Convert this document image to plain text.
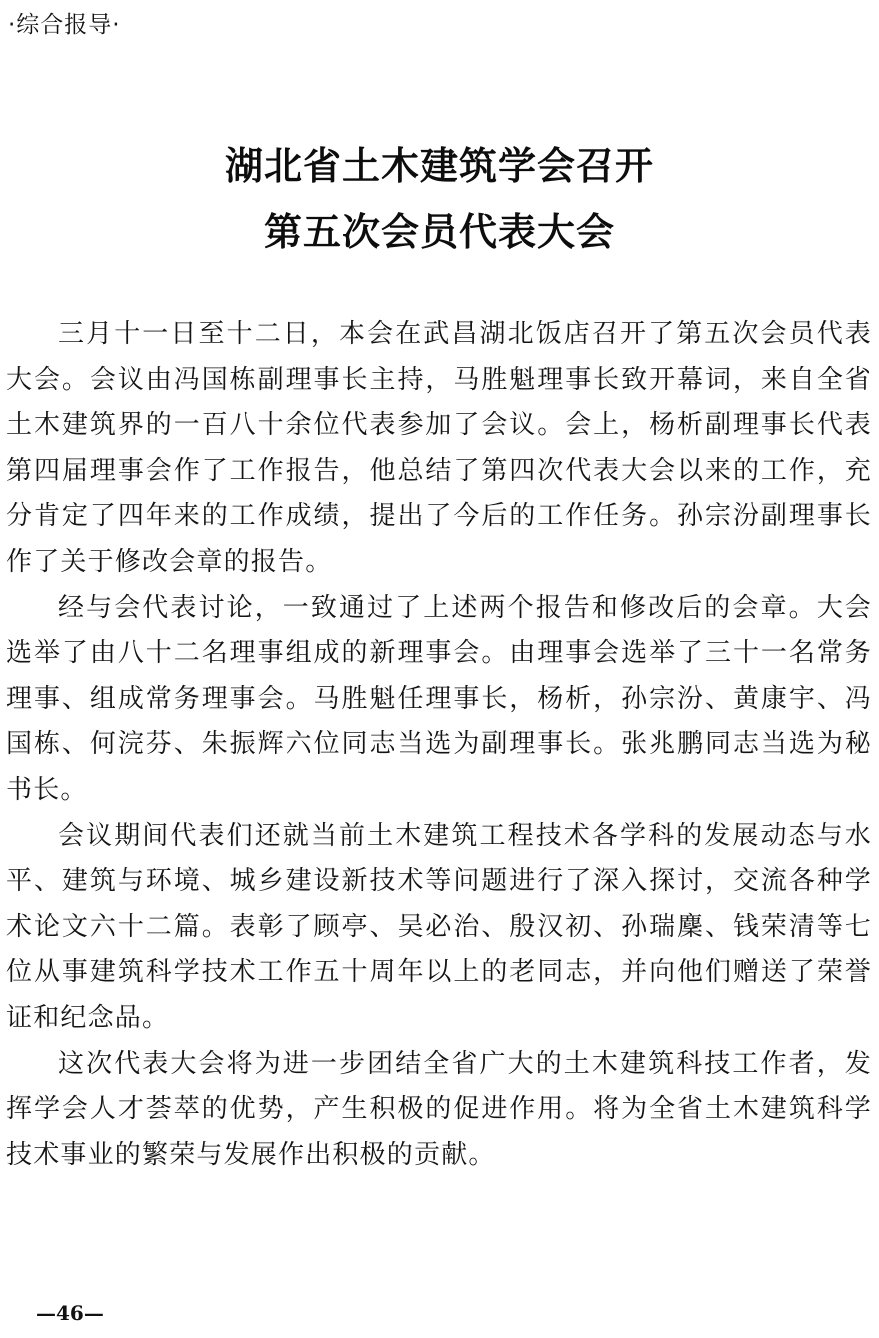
·综合报导·
湖北省土木建筑学会召开
第五次会员代表大会

三月十一日至十二日，本会在武昌湖北饭店召开了第五次会员代表大会。会议由冯国栋副理事长主持，马胜魁理事长致开幕词，来自全省土木建筑界的一百八十余位代表参加了会议。会上，杨析副理事长代表第四届理事会作了工作报告，他总结了第四次代表大会以来的工作，充分肯定了四年来的工作成绩，提出了今后的工作任务。孙宗汾副理事长作了关于修改会章的报告。

经与会代表讨论，一致通过了上述两个报告和修改后的会章。大会选举了由八十二名理事组成的新理事会。由理事会选举了三十一名常务理事、组成常务理事会。马胜魁任理事长，杨析，孙宗汾、黄康宇、冯国栋、何浣芬、朱振辉六位同志当选为副理事长。张兆鹏同志当选为秘书长。

会议期间代表们还就当前土木建筑工程技术各学科的发展动态与水平、建筑与环境、城乡建设新技术等问题进行了深入探讨，交流各种学术论文六十二篇。表彰了顾亭、吴必治、殷汉初、孙瑞麇、钱荣清等七位从事建筑科学技术工作五十周年以上的老同志，并向他们赠送了荣誉证和纪念品。

这次代表大会将为进一步团结全省广大的土木建筑科技工作者，发挥学会人才荟萃的优势，产生积极的促进作用。将为全省土木建筑科学技术事业的繁荣与发展作出积极的贡献。

—46—
